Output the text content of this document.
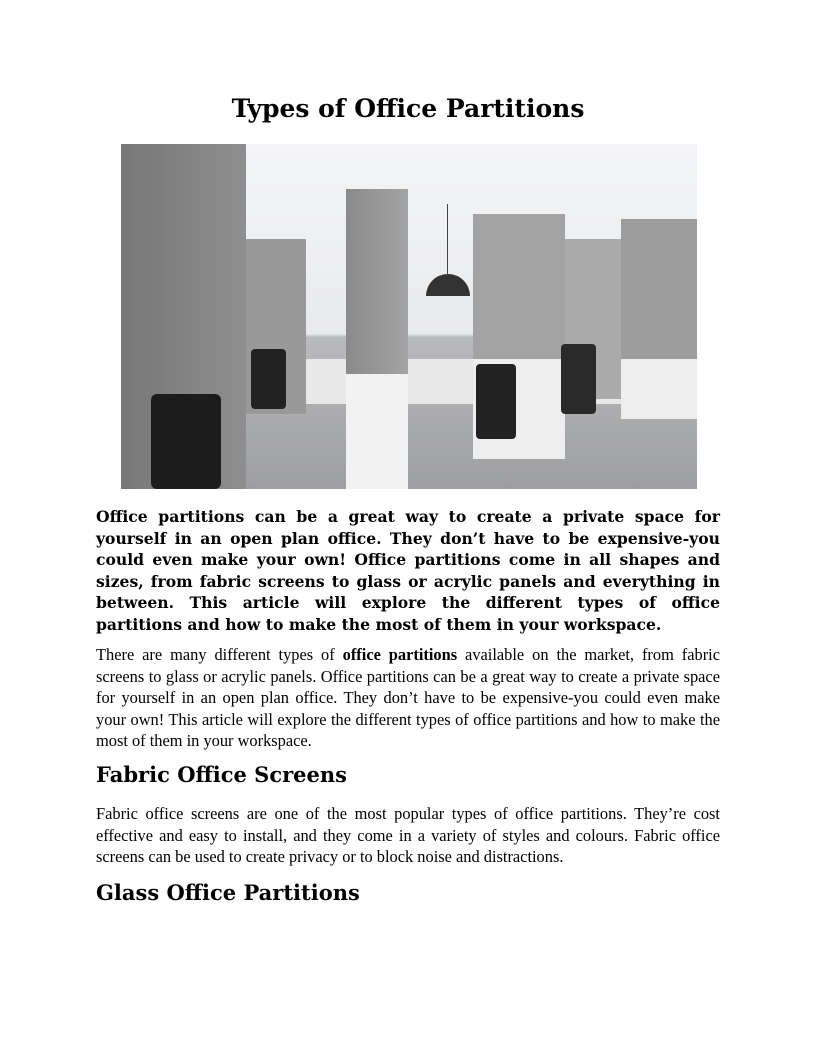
Types of Office Partitions

Office partitions can be a great way to create a private space for yourself in an open plan office. They don’t have to be expensive-you could even make your own! Office partitions come in all shapes and sizes, from fabric screens to glass or acrylic panels and everything in between. This article will explore the different types of office partitions and how to make the most of them in your workspace.

There are many different types of office partitions available on the market, from fabric screens to glass or acrylic panels. Office partitions can be a great way to create a private space for yourself in an open plan office. They don’t have to be expensive-you could even make your own! This article will explore the different types of office partitions and how to make the most of them in your workspace.

Fabric Office Screens

Fabric office screens are one of the most popular types of office partitions. They’re cost effective and easy to install, and they come in a variety of styles and colours. Fabric office screens can be used to create privacy or to block noise and distractions.

Glass Office Partitions
